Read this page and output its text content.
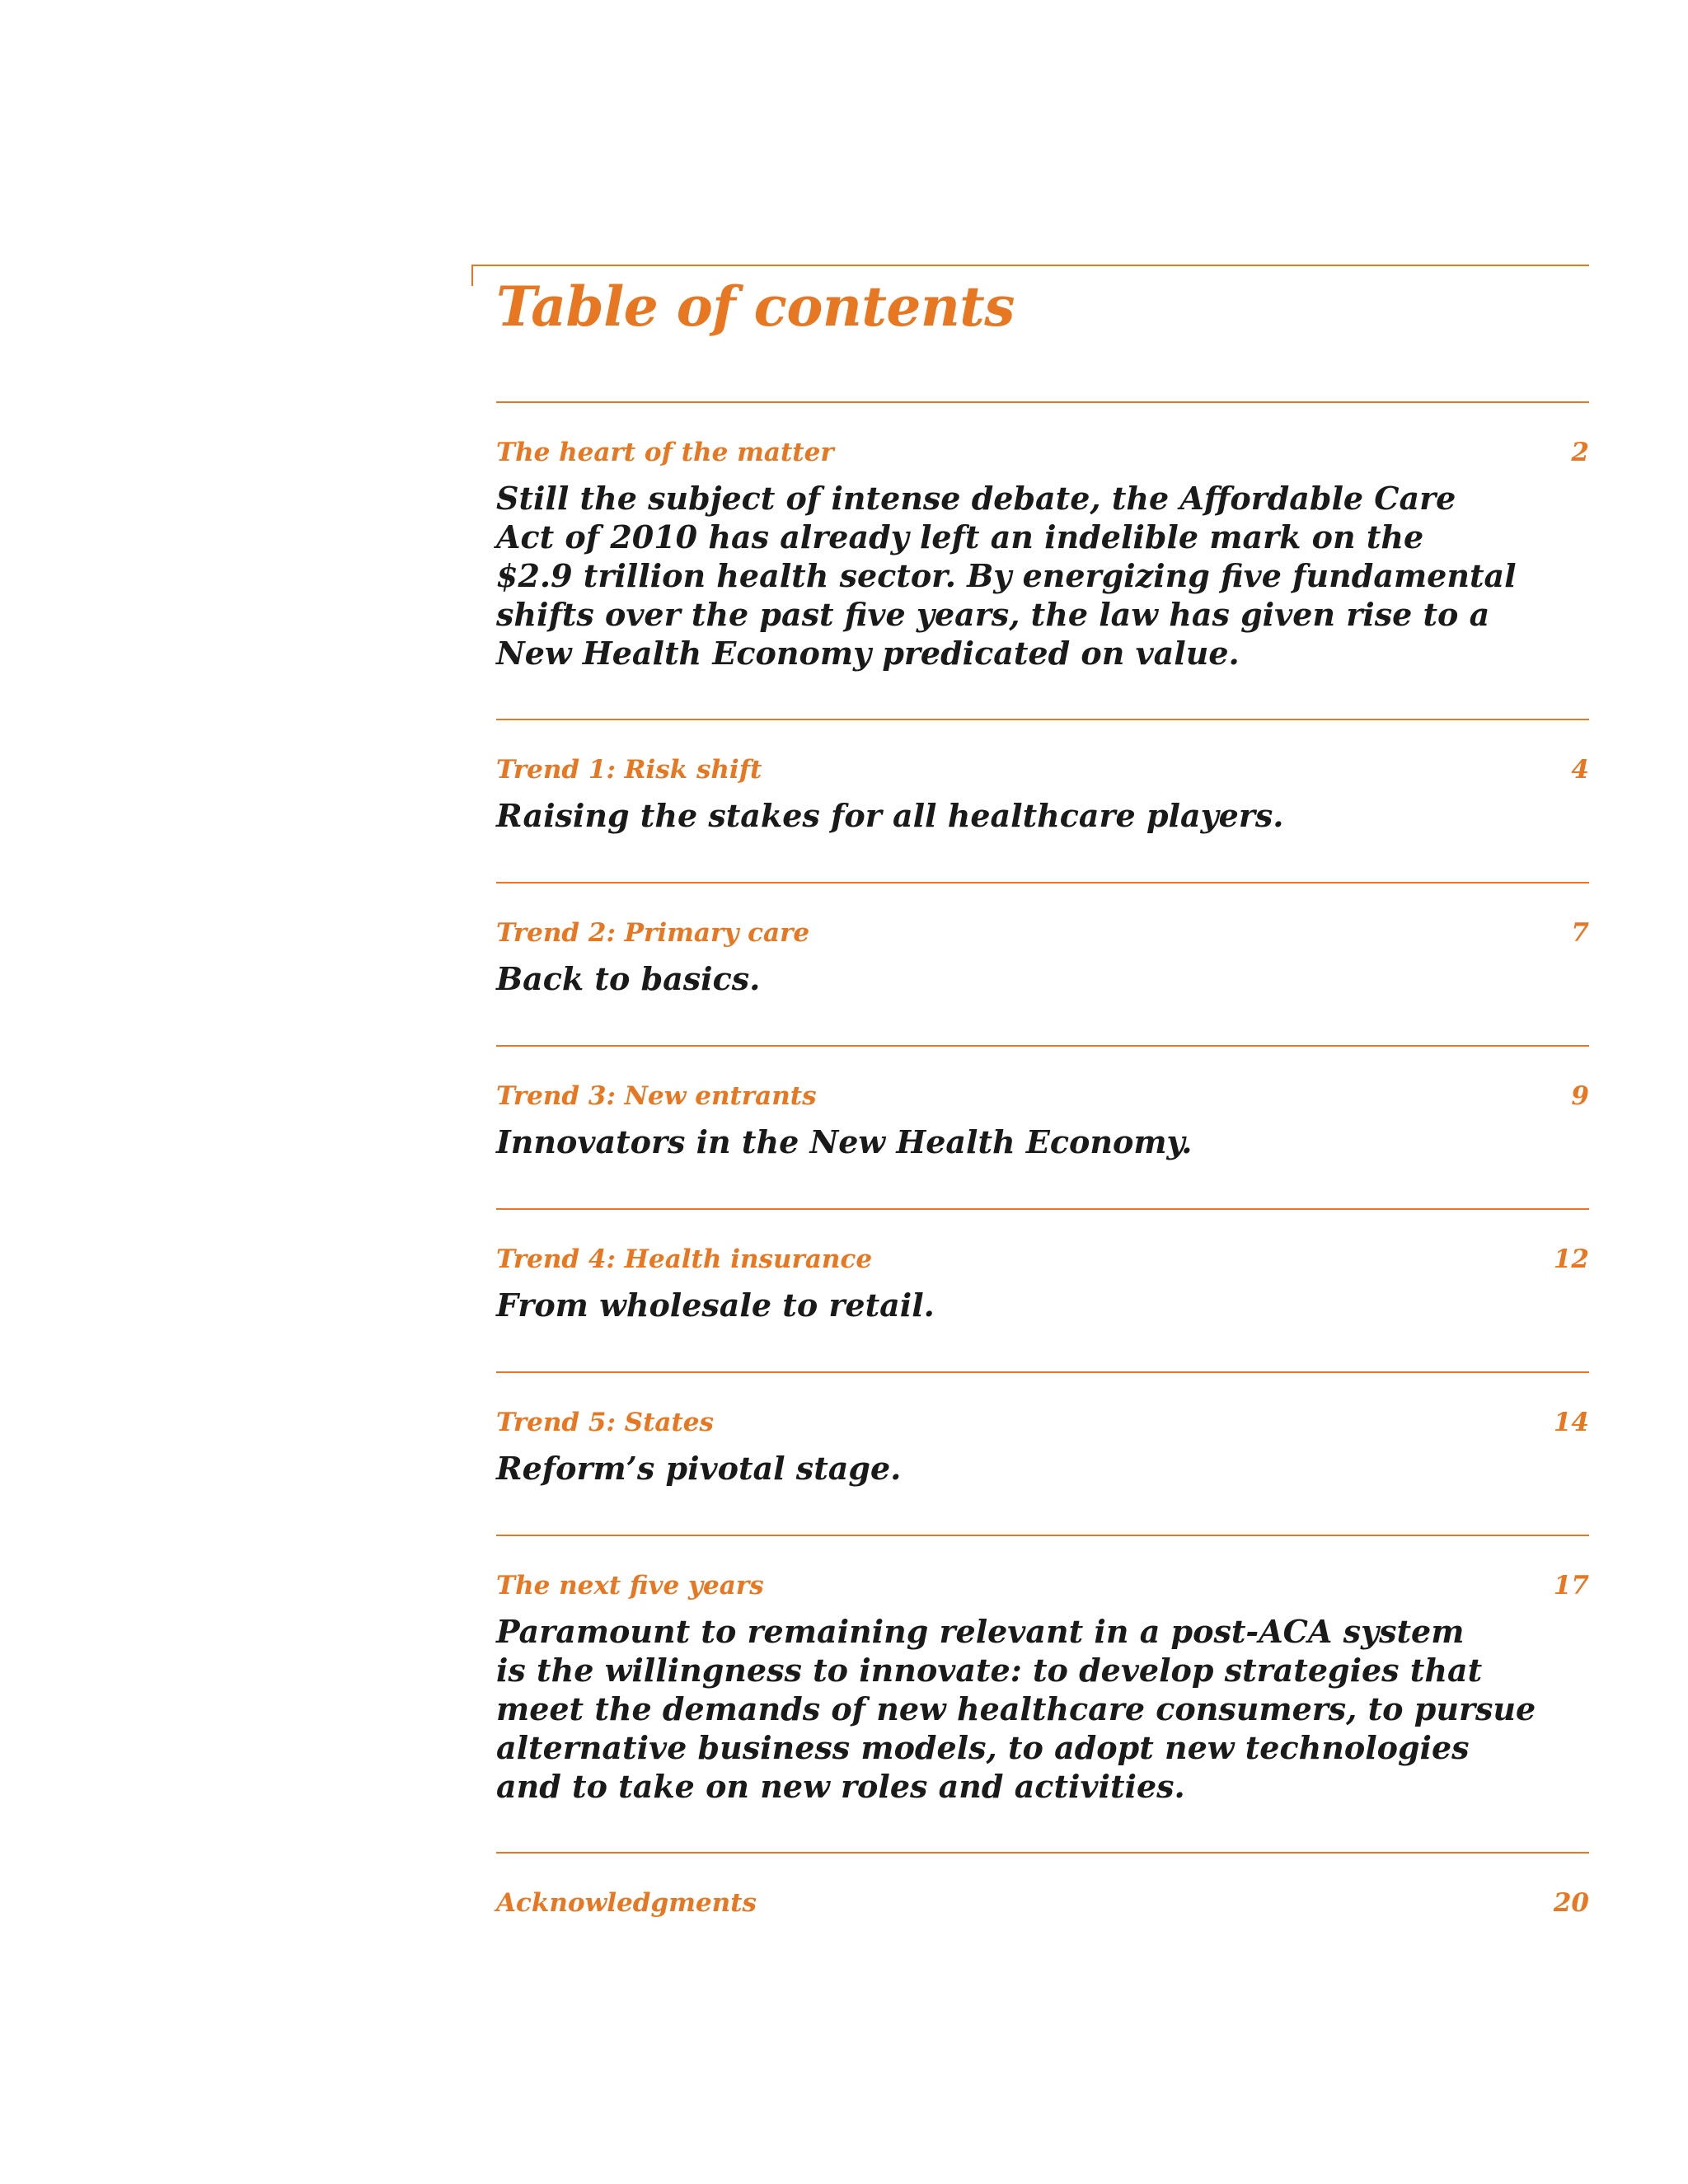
Table of contents
The heart of the matter	2
Still the subject of intense debate, the Affordable Care
Act of 2010 has already left an indelible mark on the
$2.9 trillion health sector. By energizing five fundamental
shifts over the past five years, the law has given rise to a
New Health Economy predicated on value.
Trend 1: Risk shift	4
Raising the stakes for all healthcare players.
Trend 2: Primary care	7
Back to basics.
Trend 3: New entrants	9
Innovators in the New Health Economy.
Trend 4: Health insurance	12
From wholesale to retail.
Trend 5: States	14
Reform’s pivotal stage.
The next five years	17
Paramount to remaining relevant in a post-ACA system
is the willingness to innovate: to develop strategies that
meet the demands of new healthcare consumers, to pursue
alternative business models, to adopt new technologies
and to take on new roles and activities.
Acknowledgments	20
